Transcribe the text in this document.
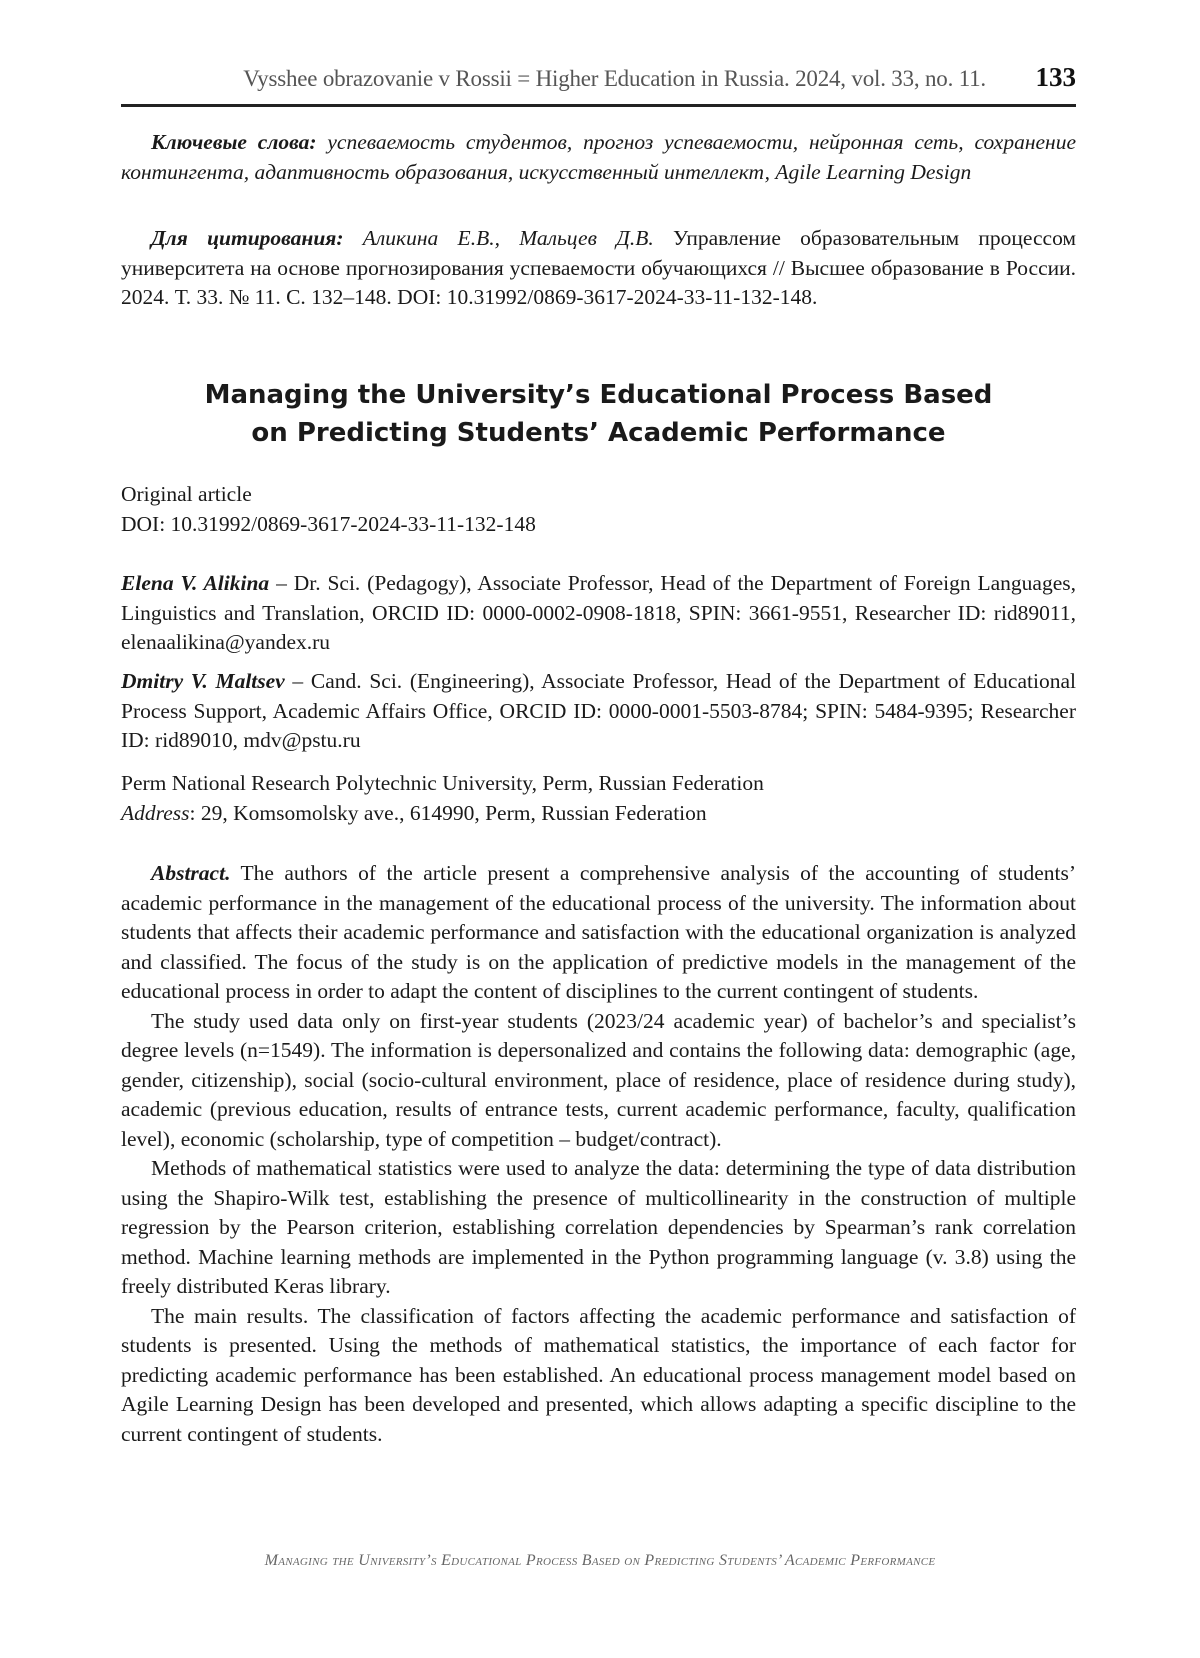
Vysshee obrazovanie v Rossii = Higher Education in Russia. 2024, vol. 33, no. 11. 133

Ключевые слова: успеваемость студентов, прогноз успеваемости, нейронная сеть, сохранение контингента, адаптивность образования, искусственный интеллект, Agile Learning Design

Для цитирования: Аликина Е.В., Мальцев Д.В. Управление образовательным процессом университета на основе прогнозирования успеваемости обучающихся // Высшее образование в России. 2024. Т. 33. № 11. С. 132–148. DOI: 10.31992/0869-3617-2024-33-11-132-148.

Managing the University’s Educational Process Based
on Predicting Students’ Academic Performance
Original article
DOI: 10.31992/0869-3617-2024-33-11-132-148

Elena V. Alikina – Dr. Sci. (Pedagogy), Associate Professor, Head of the Department of Foreign Languages, Linguistics and Translation, ORCID ID: 0000-0002-0908-1818, SPIN: 3661-9551, Researcher ID: rid89011, elenaalikina@yandex.ru

Dmitry V. Maltsev – Cand. Sci. (Engineering), Associate Professor, Head of the Department of Educational Process Support, Academic Affairs Office, ORCID ID: 0000-0001-5503-8784; SPIN: 5484-9395; Researcher ID: rid89010, mdv@pstu.ru

Perm National Research Polytechnic University, Perm, Russian Federation
Address: 29, Komsomolsky ave., 614990, Perm, Russian Federation

Abstract. The authors of the article present a comprehensive analysis of the accounting of students’ academic performance in the management of the educational process of the university. The information about students that affects their academic performance and satisfaction with the educational organization is analyzed and classified. The focus of the study is on the application of predictive models in the management of the educational process in order to adapt the content of disciplines to the current contingent of students.

The study used data only on first-year students (2023/24 academic year) of bachelor’s and specialist’s degree levels (n=1549). The information is depersonalized and contains the following data: demographic (age, gender, citizenship), social (socio-cultural environment, place of residence, place of residence during study), academic (previous education, results of entrance tests, current academic performance, faculty, qualification level), economic (scholarship, type of competition – budget/contract).

Methods of mathematical statistics were used to analyze the data: determining the type of data distribution using the Shapiro-Wilk test, establishing the presence of multicollinearity in the construction of multiple regression by the Pearson criterion, establishing correlation dependencies by Spearman’s rank correlation method. Machine learning methods are implemented in the Python programming language (v. 3.8) using the freely distributed Keras library.

The main results. The classification of factors affecting the academic performance and satisfaction of students is presented. Using the methods of mathematical statistics, the importance of each factor for predicting academic performance has been established. An educational process management model based on Agile Learning Design has been developed and presented, which allows adapting a specific discipline to the current contingent of students.

Managing the University’s Educational Process Based on Predicting Students’ Academic Performance
